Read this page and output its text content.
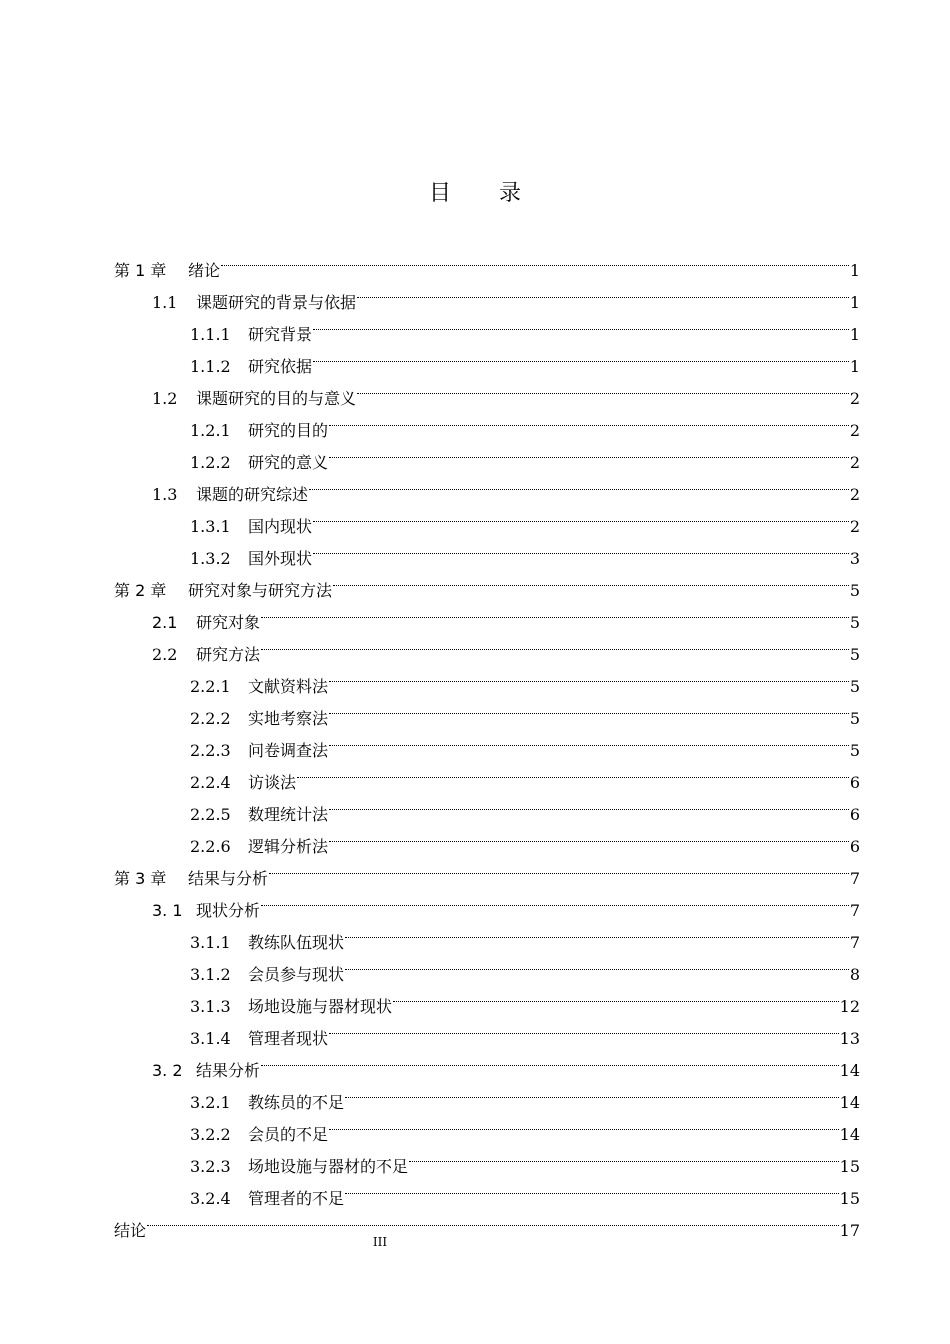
目 录
第 1 章	绪论	1
1.1	课题研究的背景与依据	1
1.1.1	研究背景	1
1.1.2	研究依据	1
1.2	课题研究的目的与意义	2
1.2.1	研究的目的	2
1.2.2	研究的意义	2
1.3	课题的研究综述	2
1.3.1	国内现状	2
1.3.2	国外现状	3
第 2 章	研究对象与研究方法	5
2.1	研究对象	5
2.2	研究方法	5
2.2.1	文献资料法	5
2.2.2	实地考察法	5
2.2.3	问卷调查法	5
2.2.4	访谈法	6
2.2.5	数理统计法	6
2.2.6	逻辑分析法	6
第 3 章	结果与分析	7
3. 1 现状分析	7
3.1.1	教练队伍现状	7
3.1.2	会员参与现状	8
3.1.3	场地设施与器材现状	12
3.1.4	管理者现状	13
3. 2 结果分析	14
3.2.1	教练员的不足	14
3.2.2	会员的不足	14
3.2.3	场地设施与器材的不足	15
3.2.4	管理者的不足	15
结论	17
III
